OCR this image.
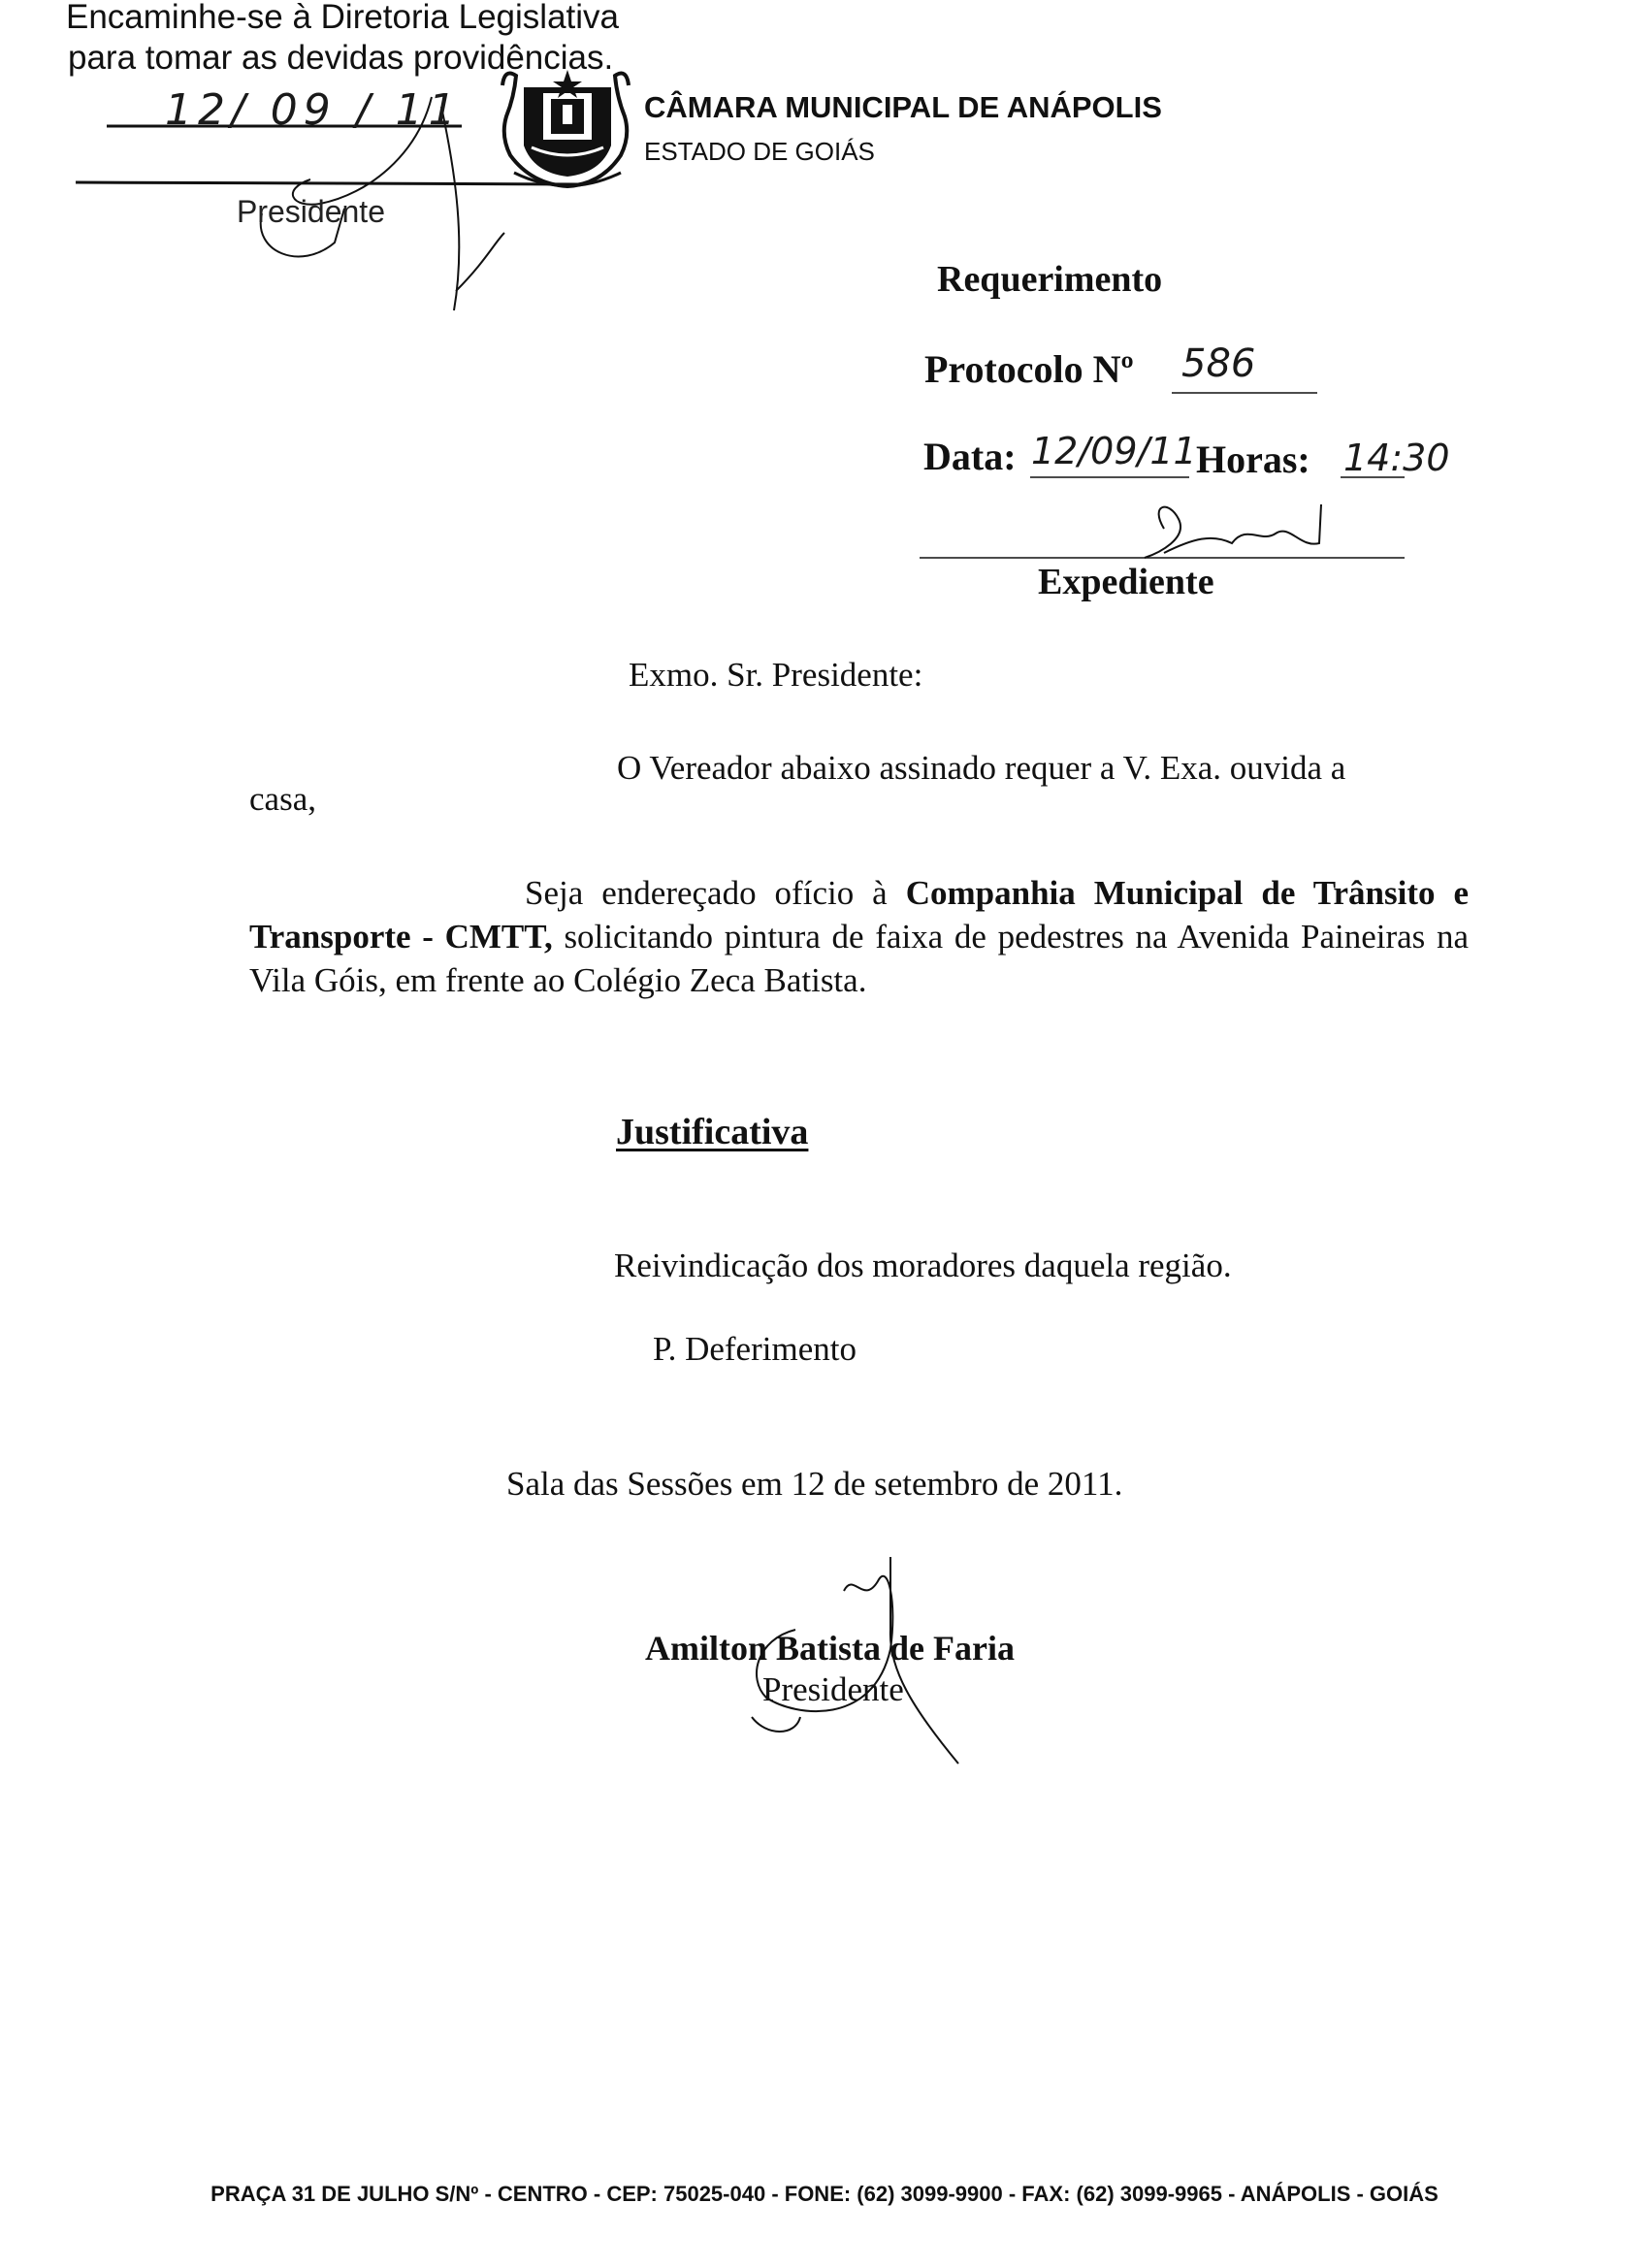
Encaminhe-se à Diretoria Legislativa
para tomar as devidas providências.
12/ 09 / 11
Presidente
CÂMARA MUNICIPAL DE ANÁPOLIS
ESTADO DE GOIÁS
Requerimento
Protocolo Nº 586
Data: 12/09/11 Horas: 14:30
Expediente
Exmo. Sr. Presidente:
O Vereador abaixo assinado requer a V. Exa. ouvida a
casa,

Seja endereçado ofício à Companhia Municipal de Trânsito e Transporte - CMTT, solicitando pintura de faixa de pedestres na Avenida Paineiras na Vila Góis, em frente ao Colégio Zeca Batista.

Justificativa
Reivindicação dos moradores daquela região.
P. Deferimento
Sala das Sessões em 12 de setembro de 2011.
Amilton Batista de Faria
Presidente
PRAÇA 31 DE JULHO S/Nº - CENTRO - CEP: 75025-040 - FONE: (62) 3099-9900 - FAX: (62) 3099-9965 - ANÁPOLIS - GOIÁS
